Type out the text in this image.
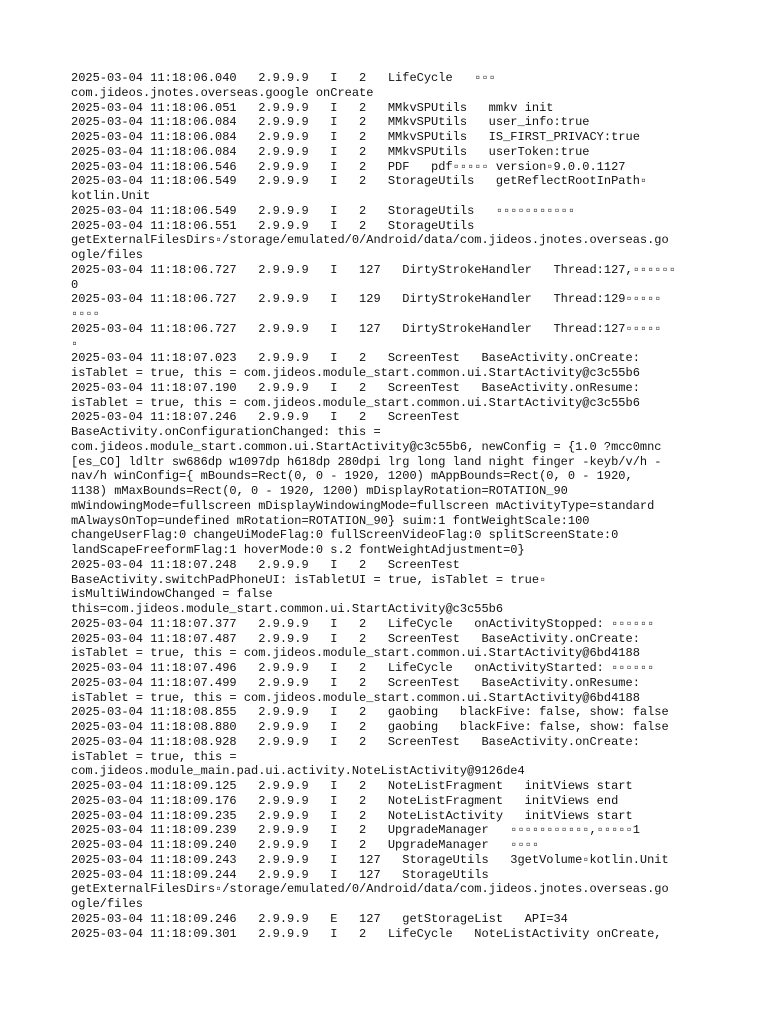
2025-03-04 11:18:06.040   2.9.9.9   I   2   LifeCycle   ▫▫▫
com.jideos.jnotes.overseas.google onCreate

2025-03-04 11:18:06.051   2.9.9.9   I   2   MMkvSPUtils   mmkv init

2025-03-04 11:18:06.084   2.9.9.9   I   2   MMkvSPUtils   user_info:true

2025-03-04 11:18:06.084   2.9.9.9   I   2   MMkvSPUtils   IS_FIRST_PRIVACY:true

2025-03-04 11:18:06.084   2.9.9.9   I   2   MMkvSPUtils   userToken:true

2025-03-04 11:18:06.546   2.9.9.9   I   2   PDF   pdf▫▫▫▫▫ version▫9.0.0.1127

2025-03-04 11:18:06.549   2.9.9.9   I   2   StorageUtils   getReflectRootInPath▫
kotlin.Unit

2025-03-04 11:18:06.549   2.9.9.9   I   2   StorageUtils   ▫▫▫▫▫▫▫▫▫▫▫

2025-03-04 11:18:06.551   2.9.9.9   I   2   StorageUtils
getExternalFilesDirs▫/storage/emulated/0/Android/data/com.jideos.jnotes.overseas.go
ogle/files

2025-03-04 11:18:06.727   2.9.9.9   I   127   DirtyStrokeHandler   Thread:127,▫▫▫▫▫▫
0

2025-03-04 11:18:06.727   2.9.9.9   I   129   DirtyStrokeHandler   Thread:129▫▫▫▫▫
▫▫▫▫

2025-03-04 11:18:06.727   2.9.9.9   I   127   DirtyStrokeHandler   Thread:127▫▫▫▫▫
▫

2025-03-04 11:18:07.023   2.9.9.9   I   2   ScreenTest   BaseActivity.onCreate:
isTablet = true, this = com.jideos.module_start.common.ui.StartActivity@c3c55b6

2025-03-04 11:18:07.190   2.9.9.9   I   2   ScreenTest   BaseActivity.onResume:
isTablet = true, this = com.jideos.module_start.common.ui.StartActivity@c3c55b6

2025-03-04 11:18:07.246   2.9.9.9   I   2   ScreenTest
BaseActivity.onConfigurationChanged: this =
com.jideos.module_start.common.ui.StartActivity@c3c55b6, newConfig = {1.0 ?mcc0mnc
[es_CO] ldltr sw686dp w1097dp h618dp 280dpi lrg long land night finger -keyb/v/h -
nav/h winConfig={ mBounds=Rect(0, 0 - 1920, 1200) mAppBounds=Rect(0, 0 - 1920,
1138) mMaxBounds=Rect(0, 0 - 1920, 1200) mDisplayRotation=ROTATION_90
mWindowingMode=fullscreen mDisplayWindowingMode=fullscreen mActivityType=standard
mAlwaysOnTop=undefined mRotation=ROTATION_90} suim:1 fontWeightScale:100
changeUserFlag:0 changeUiModeFlag:0 fullScreenVideoFlag:0 splitScreenState:0
landScapeFreeformFlag:1 hoverMode:0 s.2 fontWeightAdjustment=0}

2025-03-04 11:18:07.248   2.9.9.9   I   2   ScreenTest
BaseActivity.switchPadPhoneUI: isTabletUI = true, isTablet = true▫
isMultiWindowChanged = false
this=com.jideos.module_start.common.ui.StartActivity@c3c55b6

2025-03-04 11:18:07.377   2.9.9.9   I   2   LifeCycle   onActivityStopped: ▫▫▫▫▫▫

2025-03-04 11:18:07.487   2.9.9.9   I   2   ScreenTest   BaseActivity.onCreate:
isTablet = true, this = com.jideos.module_start.common.ui.StartActivity@6bd4188

2025-03-04 11:18:07.496   2.9.9.9   I   2   LifeCycle   onActivityStarted: ▫▫▫▫▫▫

2025-03-04 11:18:07.499   2.9.9.9   I   2   ScreenTest   BaseActivity.onResume:
isTablet = true, this = com.jideos.module_start.common.ui.StartActivity@6bd4188

2025-03-04 11:18:08.855   2.9.9.9   I   2   gaobing   blackFive: false, show: false

2025-03-04 11:18:08.880   2.9.9.9   I   2   gaobing   blackFive: false, show: false

2025-03-04 11:18:08.928   2.9.9.9   I   2   ScreenTest   BaseActivity.onCreate:
isTablet = true, this =
com.jideos.module_main.pad.ui.activity.NoteListActivity@9126de4

2025-03-04 11:18:09.125   2.9.9.9   I   2   NoteListFragment   initViews start

2025-03-04 11:18:09.176   2.9.9.9   I   2   NoteListFragment   initViews end

2025-03-04 11:18:09.235   2.9.9.9   I   2   NoteListActivity   initViews start

2025-03-04 11:18:09.239   2.9.9.9   I   2   UpgradeManager   ▫▫▫▫▫▫▫▫▫▫▫,▫▫▫▫▫1

2025-03-04 11:18:09.240   2.9.9.9   I   2   UpgradeManager   ▫▫▫▫

2025-03-04 11:18:09.243   2.9.9.9   I   127   StorageUtils   3getVolume▫kotlin.Unit

2025-03-04 11:18:09.244   2.9.9.9   I   127   StorageUtils
getExternalFilesDirs▫/storage/emulated/0/Android/data/com.jideos.jnotes.overseas.go
ogle/files

2025-03-04 11:18:09.246   2.9.9.9   E   127   getStorageList   API=34

2025-03-04 11:18:09.301   2.9.9.9   I   2   LifeCycle   NoteListActivity onCreate,
